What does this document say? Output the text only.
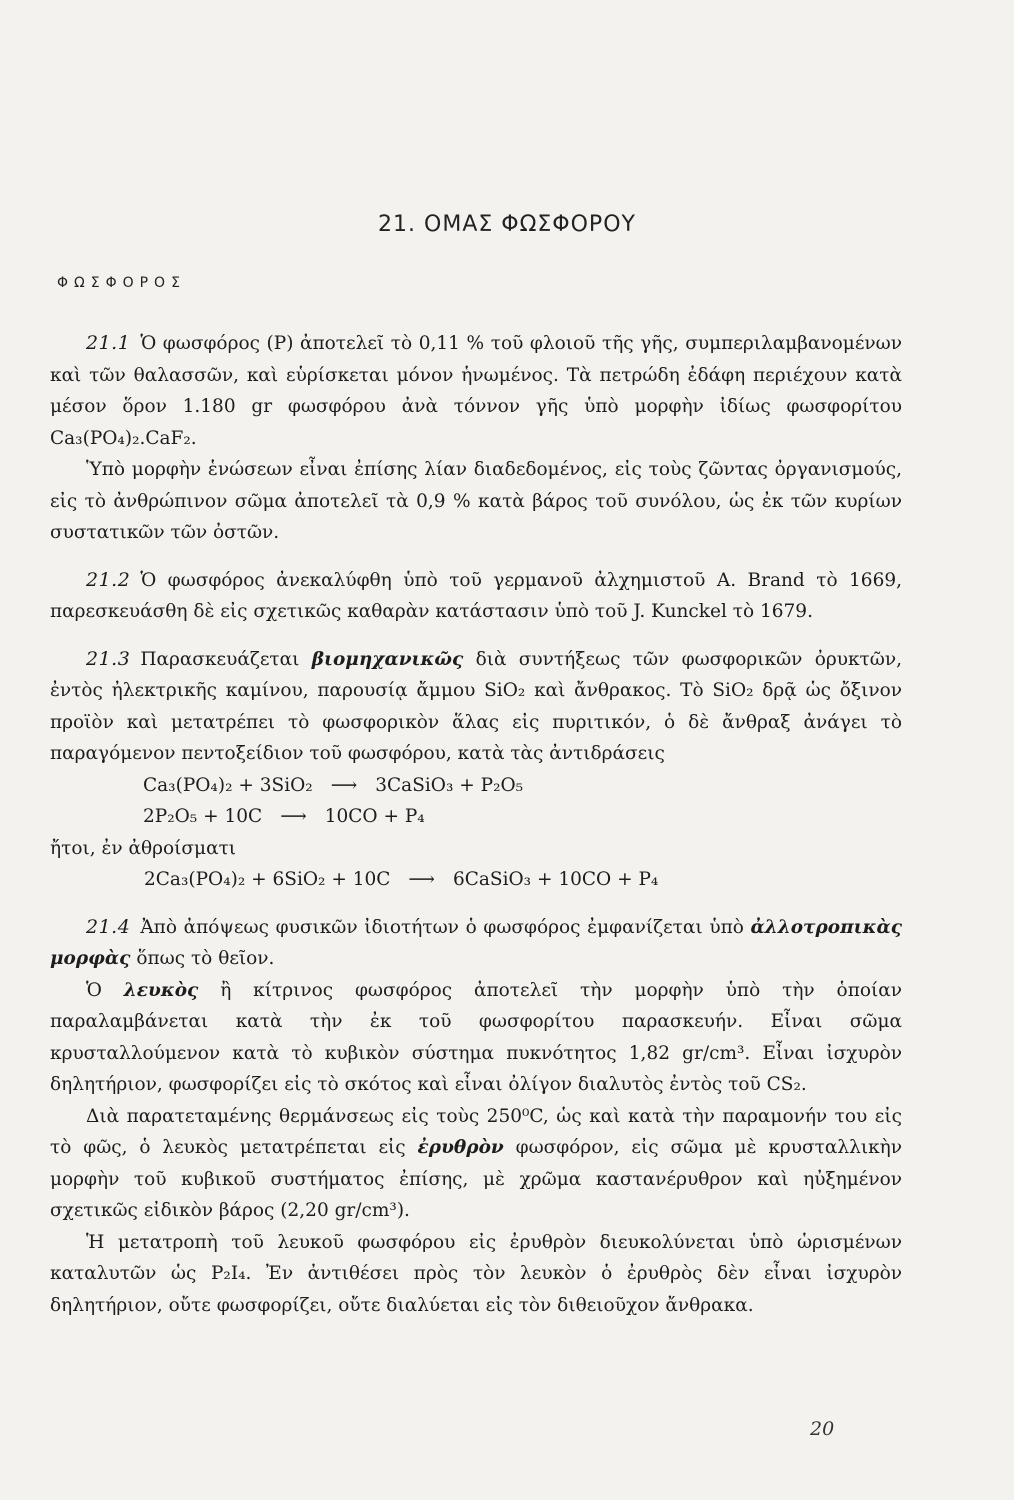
21. ΟΜΑΣ ΦΩΣΦΟΡΟΥ
ΦΩΣΦΟΡΟΣ

21.1 Ὁ φωσφόρος (P) ἀποτελεῖ τὸ 0,11 % τοῦ φλοιοῦ τῆς γῆς, συμπεριλαμβανομένων καὶ τῶν θαλασσῶν, καὶ εὑρίσκεται μόνον ἡνωμένος. Τὰ πετρώδη ἐδάφη περιέχουν κατὰ μέσον ὅρον 1.180 gr φωσφόρου ἀνὰ τόννον γῆς ὑπὸ μορφὴν ἰδίως φωσφορίτου Ca₃(PO₄)₂.CaF₂.

Ὑπὸ μορφὴν ἑνώσεων εἶναι ἐπίσης λίαν διαδεδομένος, εἰς τοὺς ζῶντας ὀργανισμούς, εἰς τὸ ἀνθρώπινον σῶμα ἀποτελεῖ τὰ 0,9 % κατὰ βάρος τοῦ συνόλου, ὡς ἐκ τῶν κυρίων συστατικῶν τῶν ὀστῶν.

21.2 Ὁ φωσφόρος ἀνεκαλύφθη ὑπὸ τοῦ γερμανοῦ ἀλχημιστοῦ A. Brand τὸ 1669, παρεσκευάσθη δὲ εἰς σχετικῶς καθαρὰν κατάστασιν ὑπὸ τοῦ J. Kunckel τὸ 1679.

21.3 Παρασκευάζεται βιομηχανικῶς διὰ συντήξεως τῶν φωσφορικῶν ὀρυκτῶν, ἐντὸς ἠλεκτρικῆς καμίνου, παρουσίᾳ ἄμμου SiO₂ καὶ ἄνθρακος. Τὸ SiO₂ δρᾷ ὡς ὄξινον προϊὸν καὶ μετατρέπει τὸ φωσφορικὸν ἅλας εἰς πυριτικόν, ὁ δὲ ἄνθραξ ἀνάγει τὸ παραγόμενον πεντοξείδιον τοῦ φωσφόρου, κατὰ τὰς ἀντιδράσεις

Ca₃(PO₄)₂ + 3SiO₂ ⟶ 3CaSiO₃ + P₂O₅

2P₂O₅ + 10C ⟶ 10CO + P₄

ἤτοι, ἐν ἀθροίσματι

2Ca₃(PO₄)₂ + 6SiO₂ + 10C ⟶ 6CaSiO₃ + 10CO + P₄

21.4 Ἀπὸ ἀπόψεως φυσικῶν ἰδιοτήτων ὁ φωσφόρος ἐμφανίζεται ὑπὸ ἀλλοτροπικὰς μορφὰς ὅπως τὸ θεῖον.

Ὁ λευκὸς ἢ κίτρινος φωσφόρος ἀποτελεῖ τὴν μορφὴν ὑπὸ τὴν ὁποίαν παραλαμβάνεται κατὰ τὴν ἐκ τοῦ φωσφορίτου παρασκευήν. Εἶναι σῶμα κρυσταλλούμενον κατὰ τὸ κυβικὸν σύστημα πυκνότητος 1,82 gr/cm³. Εἶναι ἰσχυρὸν δηλητήριον, φωσφορίζει εἰς τὸ σκότος καὶ εἶναι ὀλίγον διαλυτὸς ἐντὸς τοῦ CS₂.

Διὰ παρατεταμένης θερμάνσεως εἰς τοὺς 250⁰C, ὡς καὶ κατὰ τὴν παραμονήν του εἰς τὸ φῶς, ὁ λευκὸς μετατρέπεται εἰς ἐρυθρὸν φωσφόρον, εἰς σῶμα μὲ κρυσταλλικὴν μορφὴν τοῦ κυβικοῦ συστήματος ἐπίσης, μὲ χρῶμα καστανέρυθρον καὶ ηὐξημένον σχετικῶς εἰδικὸν βάρος (2,20 gr/cm³).

Ἡ μετατροπὴ τοῦ λευκοῦ φωσφόρου εἰς ἐρυθρὸν διευκολύνεται ὑπὸ ὡρισμένων καταλυτῶν ὡς P₂I₄. Ἐν ἀντιθέσει πρὸς τὸν λευκὸν ὁ ἐρυθρὸς δὲν εἶναι ἰσχυρὸν δηλητήριον, οὔτε φωσφορίζει, οὔτε διαλύεται εἰς τὸν διθειοῦχον ἄνθρακα.

20
